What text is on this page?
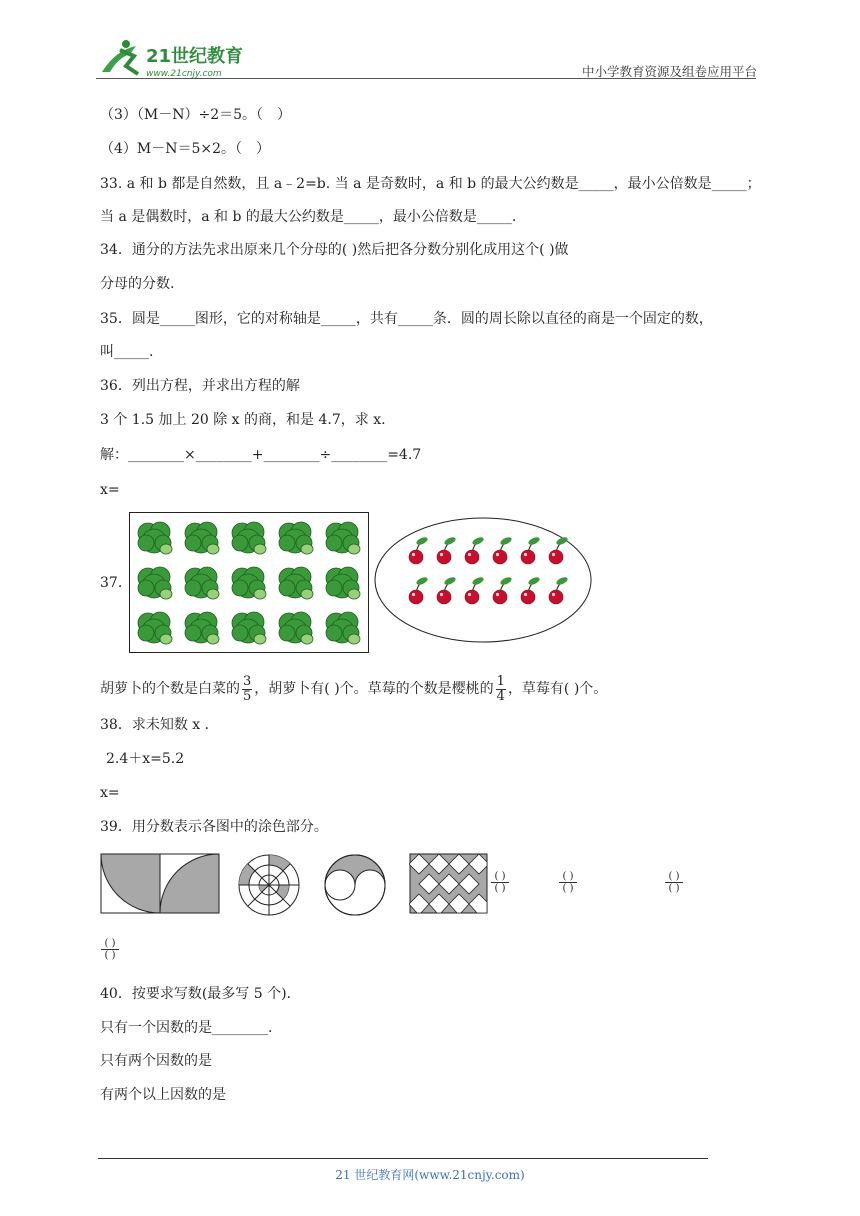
21世纪教育
www.21cnjy.com	中小学教育资源及组卷应用平台
（3）（M－N）÷2＝5。（　）
（4）M－N＝5×2。（　）
33. a 和 b 都是自然数，且 a﹣2=b. 当 a 是奇数时，a 和 b 的最大公约数是_____，最小公倍数是_____；
当 a 是偶数时，a 和 b 的最大公约数是_____，最小公倍数是_____.
34．通分的方法先求出原来几个分母的( )然后把各分数分别化成用这个( )做
分母的分数.
35．圆是_____图形，它的对称轴是_____，共有_____条．圆的周长除以直径的商是一个固定的数，
叫_____.
36．列出方程，并求出方程的解
3 个 1.5 加上 20 除 x 的商，和是 4.7，求 x.
解：________×________+________÷________=4.7
x=
37.
胡萝卜的个数是白菜的 $\frac{3}{5}$ ，胡萝卜有( )个。草莓的个数是樱桃的 $\frac{1}{4}$ ，草莓有( )个。
38．求未知数 x ．
2.4＋x=5.2
x=
39．用分数表示各图中的涂色部分。
( )
( )
( )
( )
( )
( )
( )
( )
40．按要求写数(最多写 5 个).
只有一个因数的是________.
只有两个因数的是
有两个以上因数的是
21 世纪教育网(www.21cnjy.com)
